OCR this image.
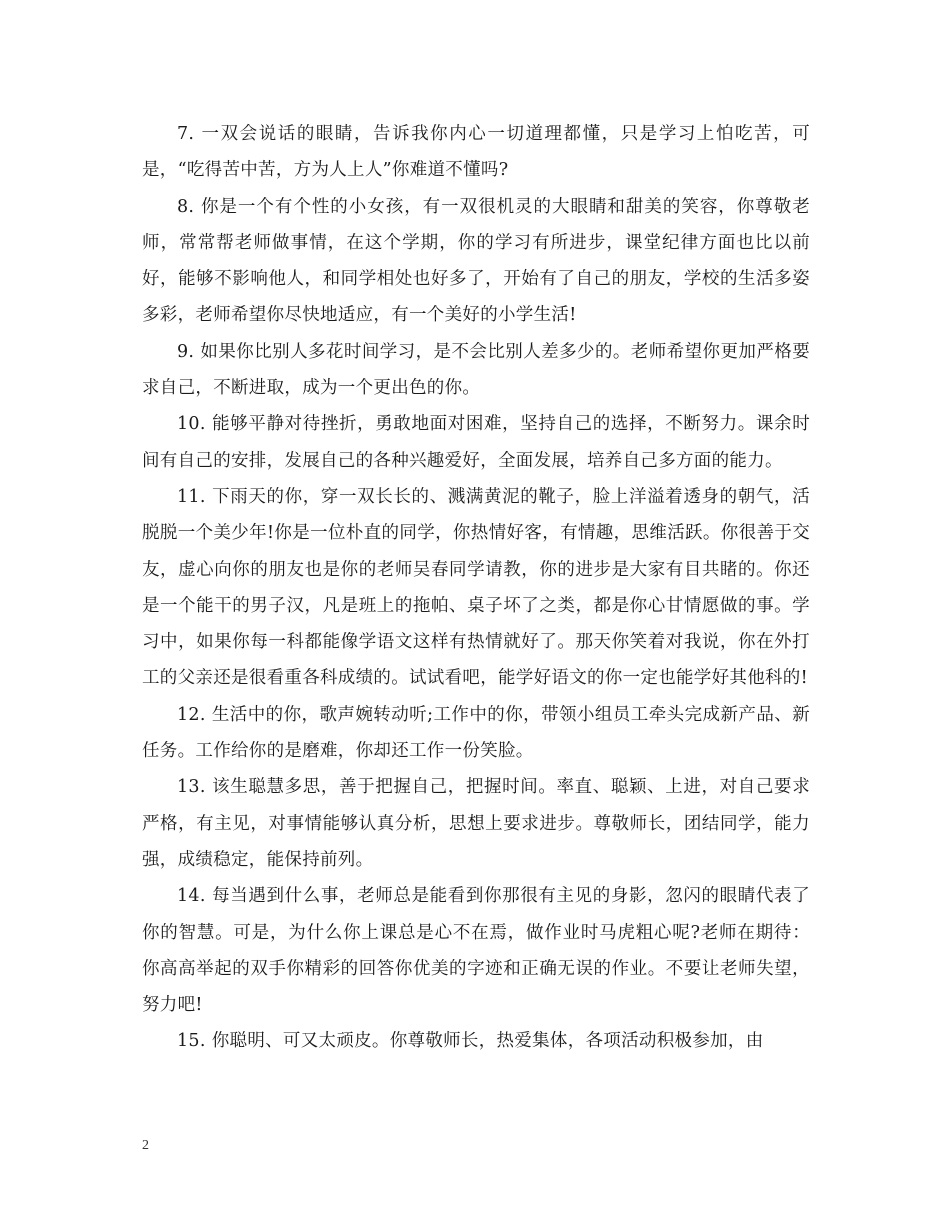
7. 一双会说话的眼睛，告诉我你内心一切道理都懂，只是学习上怕吃苦，可是，“吃得苦中苦，方为人上人”你难道不懂吗?

8. 你是一个有个性的小女孩，有一双很机灵的大眼睛和甜美的笑容，你尊敬老师，常常帮老师做事情，在这个学期，你的学习有所进步，课堂纪律方面也比以前好，能够不影响他人，和同学相处也好多了，开始有了自己的朋友，学校的生活多姿多彩，老师希望你尽快地适应，有一个美好的小学生活!

9. 如果你比别人多花时间学习，是不会比别人差多少的。老师希望你更加严格要求自己，不断进取，成为一个更出色的你。

10. 能够平静对待挫折，勇敢地面对困难，坚持自己的选择，不断努力。课余时间有自己的安排，发展自己的各种兴趣爱好，全面发展，培养自己多方面的能力。

11. 下雨天的你，穿一双长长的、溅满黄泥的靴子，脸上洋溢着透身的朝气，活脱脱一个美少年!你是一位朴直的同学，你热情好客，有情趣，思维活跃。你很善于交友，虚心向你的朋友也是你的老师吴春同学请教，你的进步是大家有目共睹的。你还是一个能干的男子汉，凡是班上的拖帕、桌子坏了之类，都是你心甘情愿做的事。学习中，如果你每一科都能像学语文这样有热情就好了。那天你笑着对我说，你在外打工的父亲还是很看重各科成绩的。试试看吧，能学好语文的你一定也能学好其他科的!

12. 生活中的你，歌声婉转动听;工作中的你，带领小组员工牵头完成新产品、新任务。工作给你的是磨难，你却还工作一份笑脸。

13. 该生聪慧多思，善于把握自己，把握时间。率直、聪颖、上进，对自己要求严格，有主见，对事情能够认真分析，思想上要求进步。尊敬师长，团结同学，能力强，成绩稳定，能保持前列。

14. 每当遇到什么事，老师总是能看到你那很有主见的身影，忽闪的眼睛代表了你的智慧。可是，为什么你上课总是心不在焉，做作业时马虎粗心呢?老师在期待：你高高举起的双手你精彩的回答你优美的字迹和正确无误的作业。不要让老师失望，努力吧!

15. 你聪明、可又太顽皮。你尊敬师长，热爱集体，各项活动积极参加，由

2
